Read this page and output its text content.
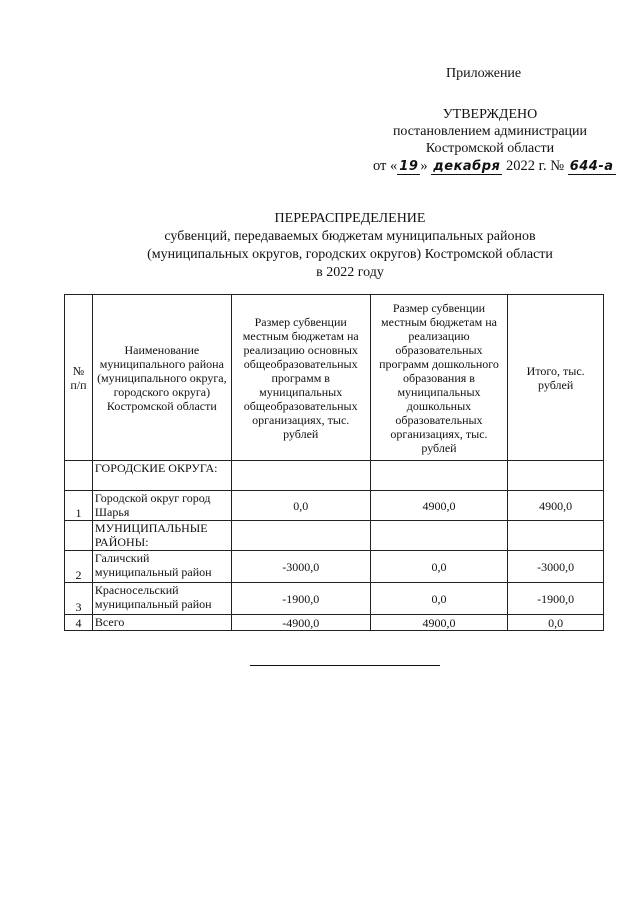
Приложение
УТВЕРЖДЕНО
постановлением администрации
Костромской области
от « 19 » декабря 2022 г. № 644-а
ПЕРЕРАСПРЕДЕЛЕНИЕ
субвенций, передаваемых бюджетам муниципальных районов
(муниципальных округов, городских округов) Костромской области
в 2022 году
№ п/п	Наименование муниципального района (муниципального округа, городского округа) Костромской области	Размер субвенции местным бюджетам на реализацию основных общеобразовательных программ в муниципальных общеобразовательных организациях, тыс. рублей	Размер субвенции местным бюджетам на реализацию образовательных программ дошкольного образования в муниципальных дошкольных образовательных организациях, тыс. рублей	Итого, тыс. рублей
	ГОРОДСКИЕ ОКРУГА:			
1	Городской округ город Шарья	0,0	4900,0	4900,0
	МУНИЦИПАЛЬНЫЕ РАЙОНЫ:			
2	Галичский муниципальный район	-3000,0	0,0	-3000,0
3	Красносельский муниципальный район	-1900,0	0,0	-1900,0
4	Всего	-4900,0	4900,0	0,0
